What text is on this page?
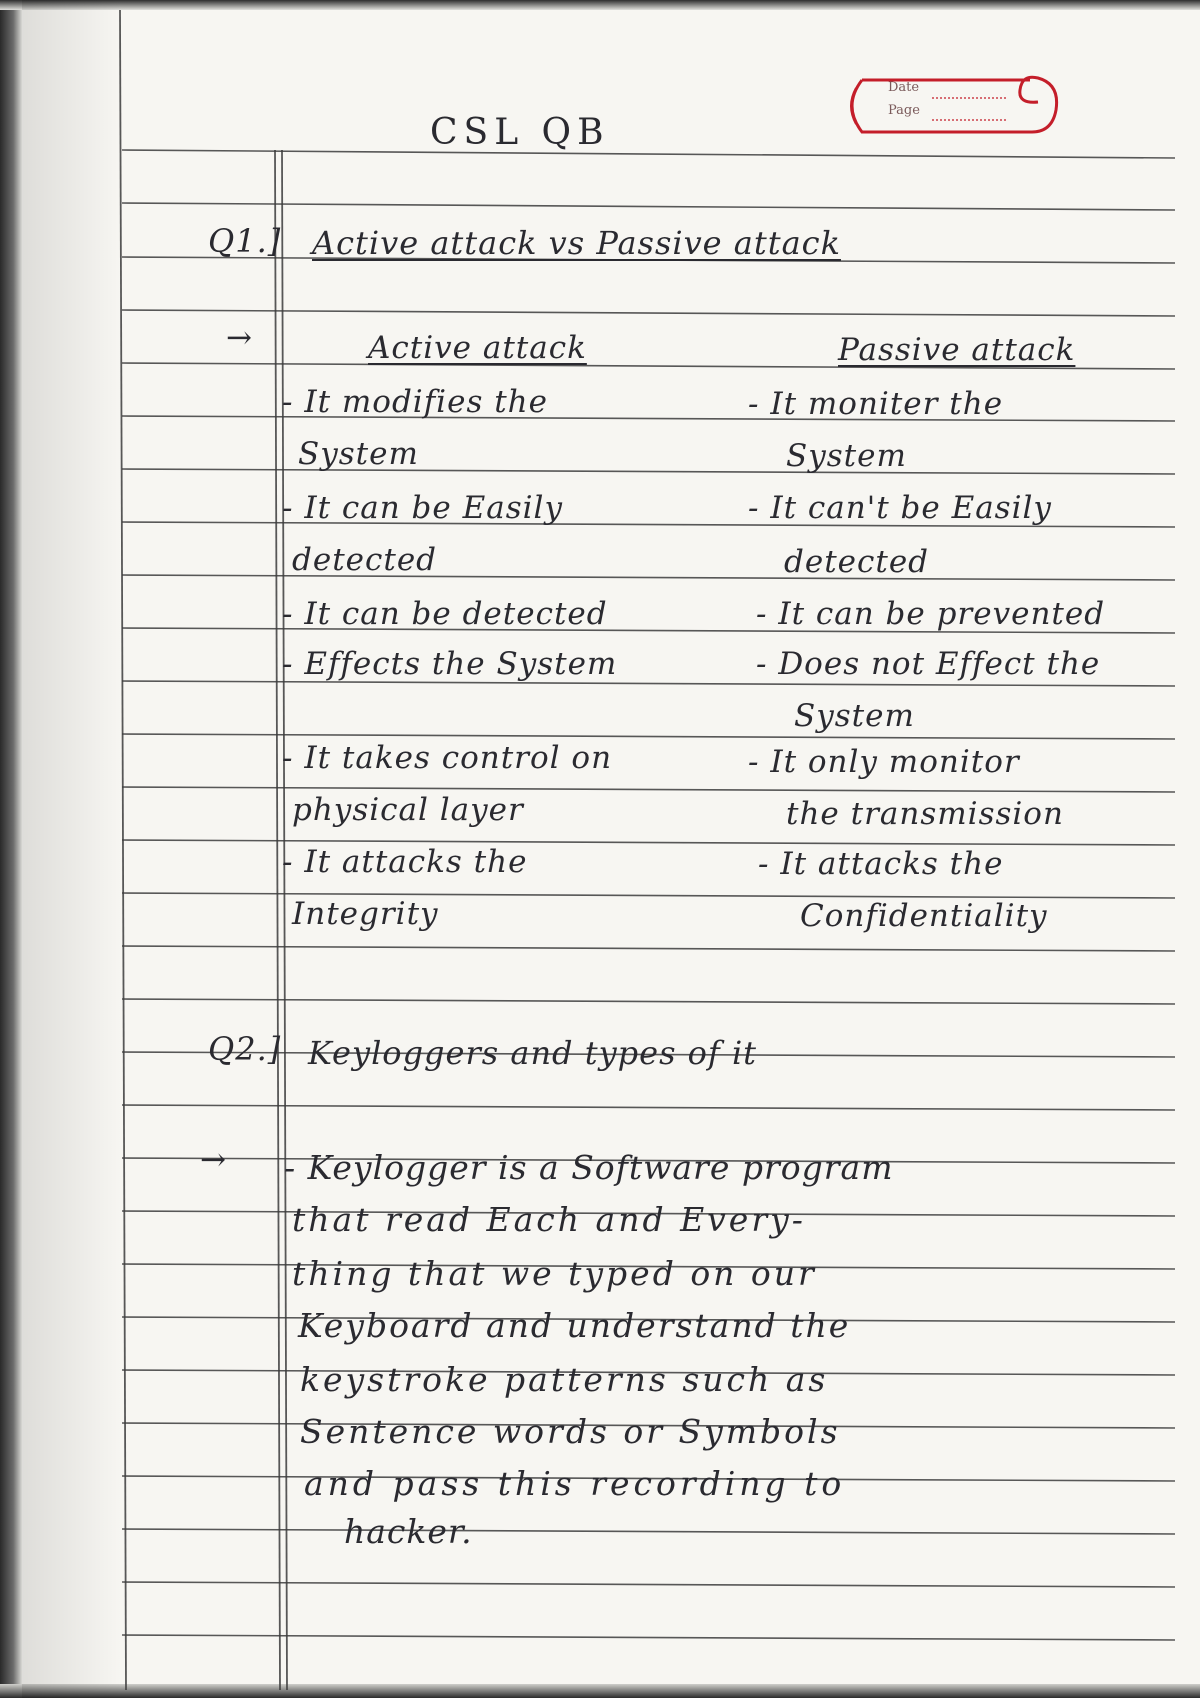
Date
Page
CSL QB
Q1.] Active attack vs Passive attack
→	Active attack	Passive attack
- It modifies the
System
- It can be Easily
detected
- It can be detected
- Effects the System
- It takes control on
physical layer
- It attacks the
Integrity
- It moniter the
System
- It can't be Easily
detected
- It can be prevented
- Does not Effect the
System
- It only monitor
the transmission
- It attacks the
Confidentiality
Q2.] Keyloggers and types of it
→ - Keylogger is a Software program
that read Each and Every-
thing that we typed on our
Keyboard and understand the
keystroke patterns such as
Sentence words or Symbols
and pass this recording to
hacker.
